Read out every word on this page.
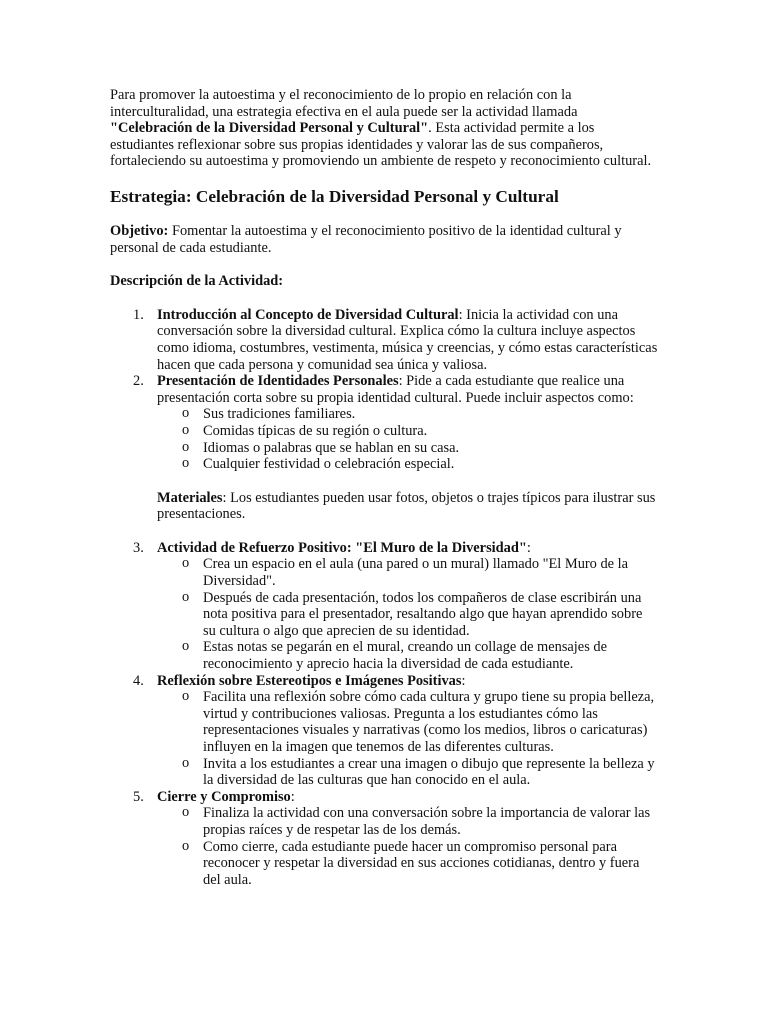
Para promover la autoestima y el reconocimiento de lo propio en relación con la interculturalidad, una estrategia efectiva en el aula puede ser la actividad llamada "Celebración de la Diversidad Personal y Cultural". Esta actividad permite a los estudiantes reflexionar sobre sus propias identidades y valorar las de sus compañeros, fortaleciendo su autoestima y promoviendo un ambiente de respeto y reconocimiento cultural.

Estrategia: Celebración de la Diversidad Personal y Cultural

Objetivo: Fomentar la autoestima y el reconocimiento positivo de la identidad cultural y personal de cada estudiante.

Descripción de la Actividad:

1. Introducción al Concepto de Diversidad Cultural: Inicia la actividad con una conversación sobre la diversidad cultural. Explica cómo la cultura incluye aspectos como idioma, costumbres, vestimenta, música y creencias, y cómo estas características hacen que cada persona y comunidad sea única y valiosa.
2. Presentación de Identidades Personales: Pide a cada estudiante que realice una presentación corta sobre su propia identidad cultural. Puede incluir aspectos como:
o Sus tradiciones familiares.
o Comidas típicas de su región o cultura.
o Idiomas o palabras que se hablan en su casa.
o Cualquier festividad o celebración especial.

Materiales: Los estudiantes pueden usar fotos, objetos o trajes típicos para ilustrar sus presentaciones.

3. Actividad de Refuerzo Positivo: "El Muro de la Diversidad":
o Crea un espacio en el aula (una pared o un mural) llamado "El Muro de la Diversidad".
o Después de cada presentación, todos los compañeros de clase escribirán una nota positiva para el presentador, resaltando algo que hayan aprendido sobre su cultura o algo que aprecien de su identidad.
o Estas notas se pegarán en el mural, creando un collage de mensajes de reconocimiento y aprecio hacia la diversidad de cada estudiante.
4. Reflexión sobre Estereotipos e Imágenes Positivas:
o Facilita una reflexión sobre cómo cada cultura y grupo tiene su propia belleza, virtud y contribuciones valiosas. Pregunta a los estudiantes cómo las representaciones visuales y narrativas (como los medios, libros o caricaturas) influyen en la imagen que tenemos de las diferentes culturas.
o Invita a los estudiantes a crear una imagen o dibujo que represente la belleza y la diversidad de las culturas que han conocido en el aula.
5. Cierre y Compromiso:
o Finaliza la actividad con una conversación sobre la importancia de valorar las propias raíces y de respetar las de los demás.
o Como cierre, cada estudiante puede hacer un compromiso personal para reconocer y respetar la diversidad en sus acciones cotidianas, dentro y fuera del aula.
